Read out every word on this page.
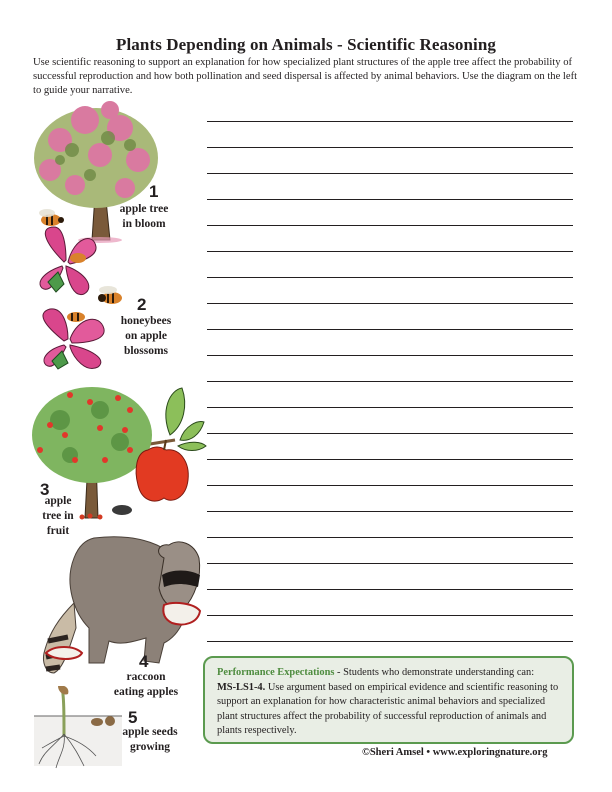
Plants Depending on Animals - Scientific Reasoning
Use scientific reasoning to support an explanation for how specialized plant structures of the apple tree affect the probability of successful reproduction and how both pollination and seed dispersal is affected by animal behaviors. Use the diagram on the left to guide your narrative.
1
apple tree
in bloom
2
honeybees
on apple
blossoms
3
apple
tree in
fruit
4
raccoon
eating apples
5
apple seeds
growing
Performance Expectations - Students who demonstrate understanding can:
MS-LS1-4. Use argument based on empirical evidence and scientific reasoning to support an explanation for how characteristic animal behaviors and specialized plant structures affect the probability of successful reproduction of animals and plants respectively.
©Sheri Amsel • www.exploringnature.org
